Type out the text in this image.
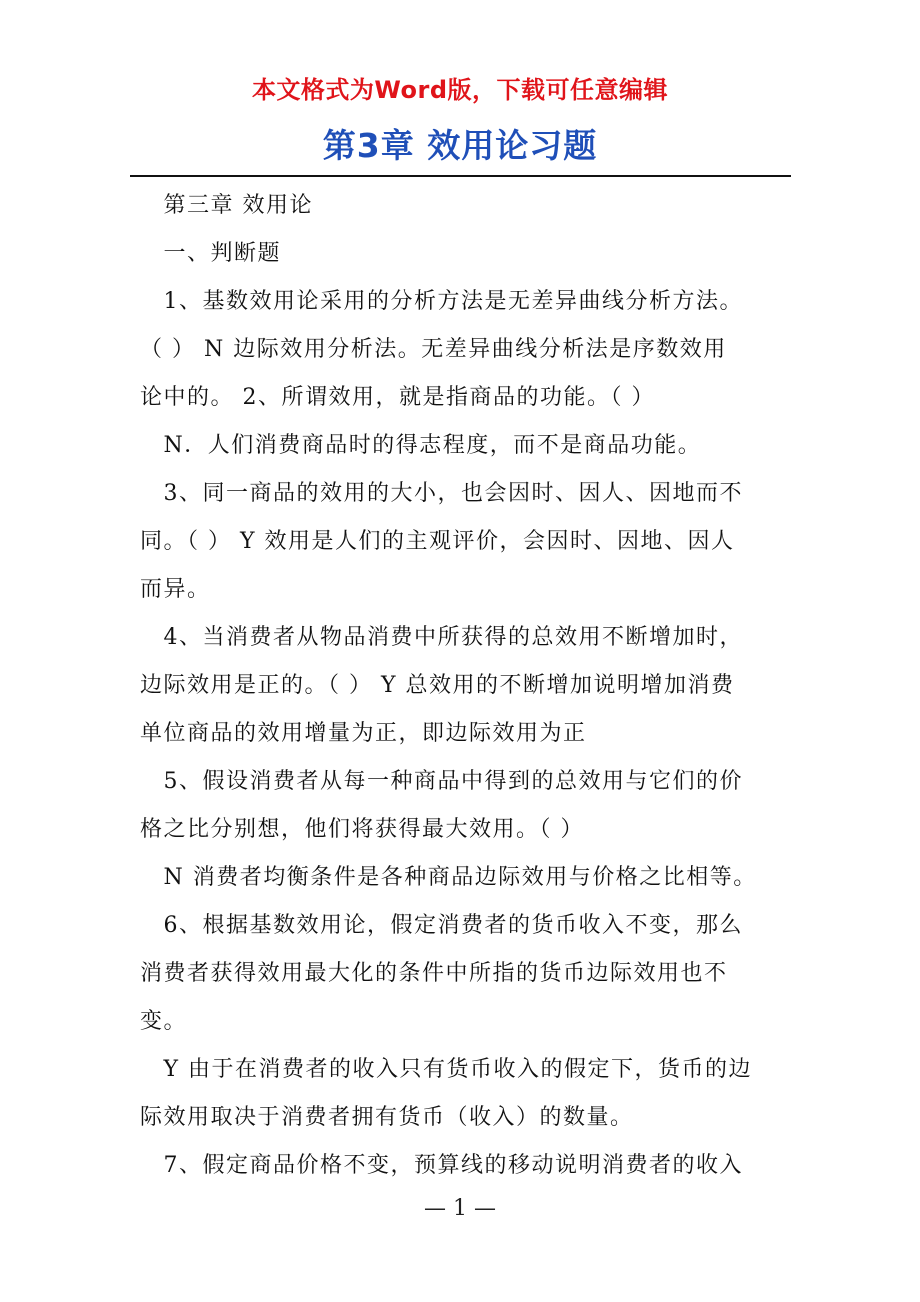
本文格式为Word版，下载可任意编辑
第3章 效用论习题
　第三章 效用论
　一、判断题
　1、基数效用论采用的分析方法是无差异曲线分析方法。
（ ） N 边际效用分析法。无差异曲线分析法是序数效用
论中的。 2、所谓效用，就是指商品的功能。（ ）
　N．人们消费商品时的得志程度，而不是商品功能。
　3、同一商品的效用的大小，也会因时、因人、因地而不
同。（ ） Y 效用是人们的主观评价，会因时、因地、因人
而异。
　4、当消费者从物品消费中所获得的总效用不断增加时，
边际效用是正的。（ ） Y 总效用的不断增加说明增加消费
单位商品的效用增量为正，即边际效用为正
　5、假设消费者从每一种商品中得到的总效用与它们的价
格之比分别想，他们将获得最大效用。（ ）
　N 消费者均衡条件是各种商品边际效用与价格之比相等。
　6、根据基数效用论，假定消费者的货币收入不变，那么
消费者获得效用最大化的条件中所指的货币边际效用也不
变。
　Y 由于在消费者的收入只有货币收入的假定下，货币的边
际效用取决于消费者拥有货币（收入）的数量。
　7、假定商品价格不变，预算线的移动说明消费者的收入
— 1 —
